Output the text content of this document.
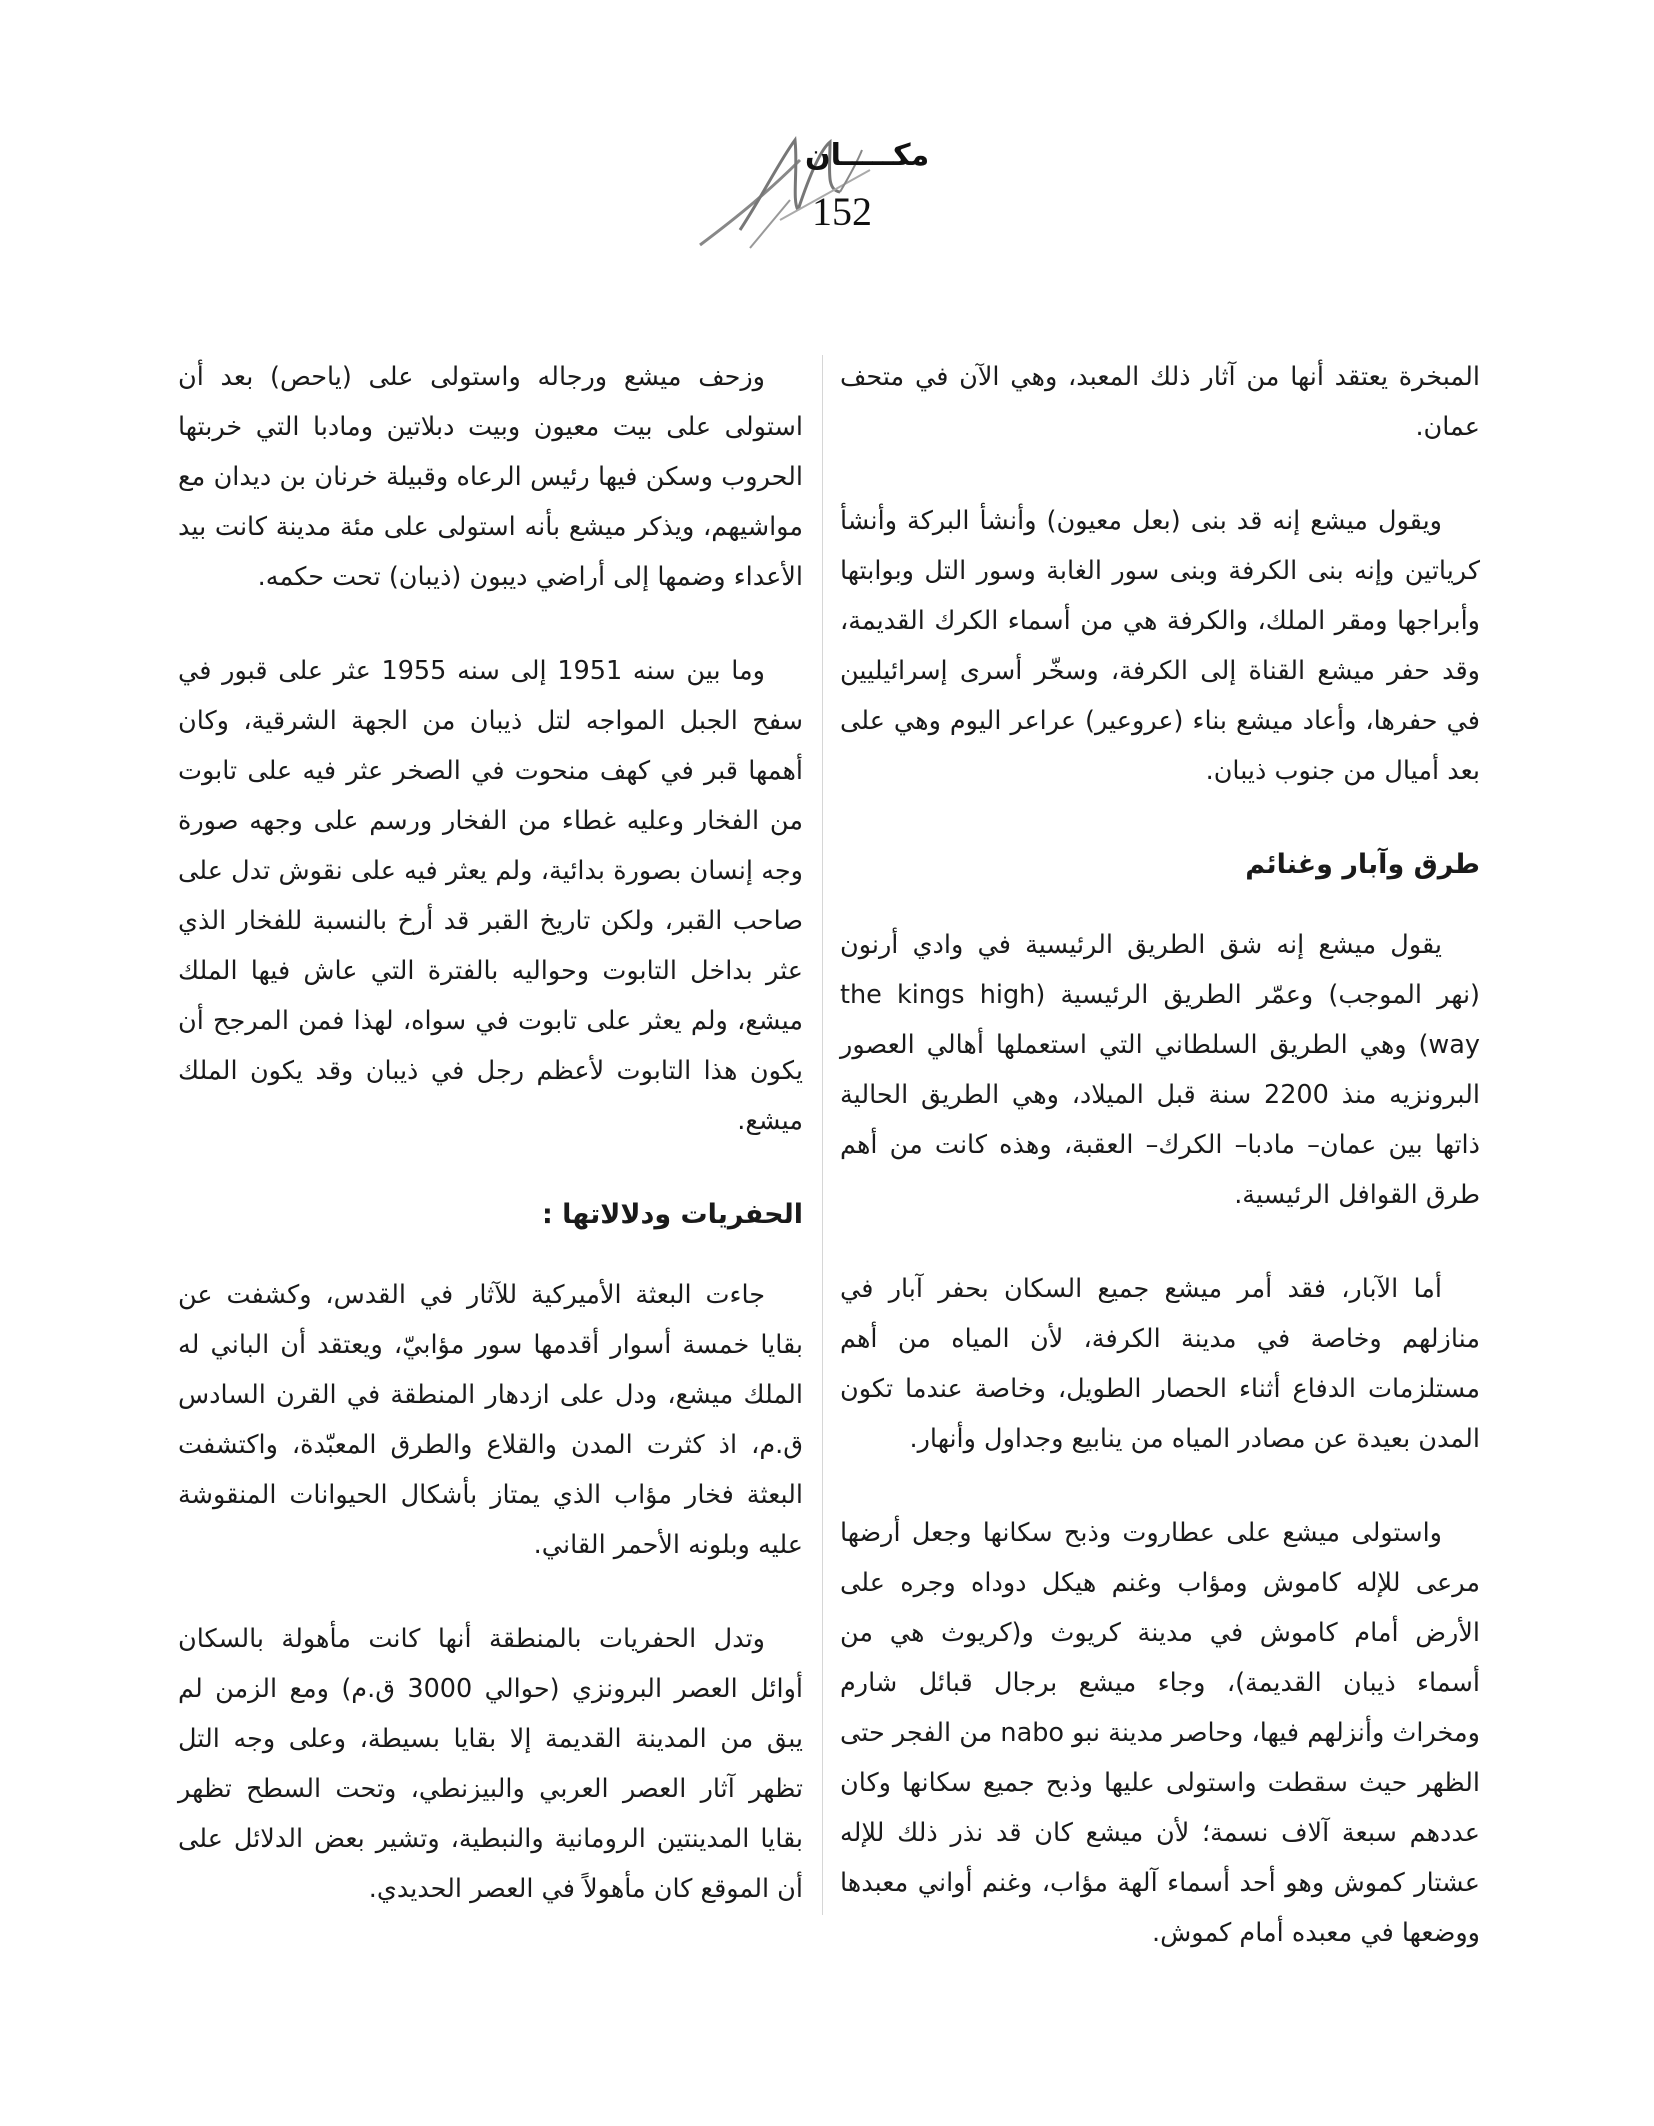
مكـــــان
152

المبخرة يعتقد أنها من آثار ذلك المعبد، وهي الآن في متحف عمان.

ويقول ميشع إنه قد بنى (بعل معيون) وأنشأ البركة وأنشأ كرياتين وإنه بنى الكرفة وبنى سور الغابة وسور التل وبوابتها وأبراجها ومقر الملك، والكرفة هي من أسماء الكرك القديمة، وقد حفر ميشع القناة إلى الكرفة، وسخّر أسرى إسرائيليين في حفرها، وأعاد ميشع بناء (عروعير) عراعر اليوم وهي على بعد أميال من جنوب ذيبان.

طرق وآبار وغنائم

يقول ميشع إنه شق الطريق الرئيسية في وادي أرنون (نهر الموجب) وعمّر الطريق الرئيسية (the kings high way) وهي الطريق السلطاني التي استعملها أهالي العصور البرونزيه منذ 2200 سنة قبل الميلاد، وهي الطريق الحالية ذاتها بين عمان– مادبا– الكرك– العقبة، وهذه كانت من أهم طرق القوافل الرئيسية.

أما الآبار، فقد أمر ميشع جميع السكان بحفر آبار في منازلهم وخاصة في مدينة الكرفة، لأن المياه من أهم مستلزمات الدفاع أثناء الحصار الطويل، وخاصة عندما تكون المدن بعيدة عن مصادر المياه من ينابيع وجداول وأنهار.

واستولى ميشع على عطاروت وذبح سكانها وجعل أرضها مرعى للإله كاموش ومؤاب وغنم هيكل دوداه وجره على الأرض أمام كاموش في مدينة كريوث و(كريوث هي من أسماء ذيبان القديمة)، وجاء ميشع برجال قبائل شارم ومخراث وأنزلهم فيها، وحاصر مدينة نبو nabo من الفجر حتى الظهر حيث سقطت واستولى عليها وذبح جميع سكانها وكان عددهم سبعة آلاف نسمة؛ لأن ميشع كان قد نذر ذلك للإله عشتار كموش وهو أحد أسماء آلهة مؤاب، وغنم أواني معبدها ووضعها في معبده أمام كموش.

وزحف ميشع ورجاله واستولى على (ياحص) بعد أن استولى على بيت معيون وبيت دبلاتين ومادبا التي خربتها الحروب وسكن فيها رئيس الرعاه وقبيلة خرنان بن ديدان مع مواشيهم، ويذكر ميشع بأنه استولى على مئة مدينة كانت بيد الأعداء وضمها إلى أراضي ديبون (ذيبان) تحت حكمه.

وما بين سنه 1951 إلى سنه 1955 عثر على قبور في سفح الجبل المواجه لتل ذيبان من الجهة الشرقية، وكان أهمها قبر في كهف منحوت في الصخر عثر فيه على تابوت من الفخار وعليه غطاء من الفخار ورسم على وجهه صورة وجه إنسان بصورة بدائية، ولم يعثر فيه على نقوش تدل على صاحب القبر، ولكن تاريخ القبر قد أرخ بالنسبة للفخار الذي عثر بداخل التابوت وحواليه بالفترة التي عاش فيها الملك ميشع، ولم يعثر على تابوت في سواه، لهذا فمن المرجح أن يكون هذا التابوت لأعظم رجل في ذيبان وقد يكون الملك ميشع.

الحفريات ودلالاتها :

جاءت البعثة الأميركية للآثار في القدس، وكشفت عن بقايا خمسة أسوار أقدمها سور مؤابيّ، ويعتقد أن الباني له الملك ميشع، ودل على ازدهار المنطقة في القرن السادس ق.م، اذ كثرت المدن والقلاع والطرق المعبّدة، واكتشفت البعثة فخار مؤاب الذي يمتاز بأشكال الحيوانات المنقوشة عليه وبلونه الأحمر القاني.

وتدل الحفريات بالمنطقة أنها كانت مأهولة بالسكان أوائل العصر البرونزي (حوالي 3000 ق.م) ومع الزمن لم يبق من المدينة القديمة إلا بقايا بسيطة، وعلى وجه التل تظهر آثار العصر العربي والبيزنطي، وتحت السطح تظهر بقايا المدينتين الرومانية والنبطية، وتشير بعض الدلائل على أن الموقع كان مأهولاً في العصر الحديدي.
